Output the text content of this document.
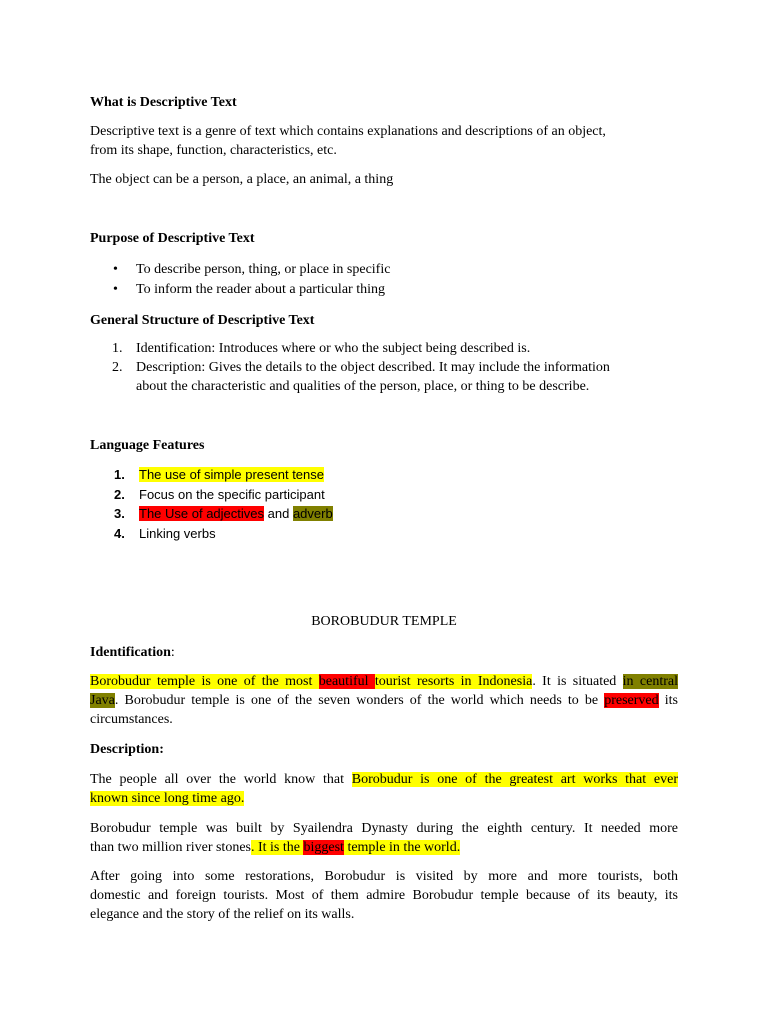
What is Descriptive Text
Descriptive text is a genre of text which contains explanations and descriptions of an object,
from its shape, function, characteristics, etc.
The object can be a person, a place, an animal, a thing
Purpose of Descriptive Text
• To describe person, thing, or place in specific
• To inform the reader about a particular thing
General Structure of Descriptive Text
1. Identification: Introduces where or who the subject being described is.
2. Description: Gives the details to the object described. It may include the information
about the characteristic and qualities of the person, place, or thing to be describe.
Language Features
1. The use of simple present tense
2. Focus on the specific participant
3. The Use of adjectives and adverb
4. Linking verbs
BOROBUDUR TEMPLE
Identification:
Borobudur temple is one of the most beautiful tourist resorts in Indonesia. It is situated in central
Java. Borobudur temple is one of the seven wonders of the world which needs to be preserved its
circumstances.
Description:
The people all over the world know that Borobudur is one of the greatest art works that ever
known since long time ago.
Borobudur temple was built by Syailendra Dynasty during the eighth century. It needed more
than two million river stones. It is the biggest temple in the world.
After going into some restorations, Borobudur is visited by more and more tourists, both
domestic and foreign tourists. Most of them admire Borobudur temple because of its beauty, its
elegance and the story of the relief on its walls.
